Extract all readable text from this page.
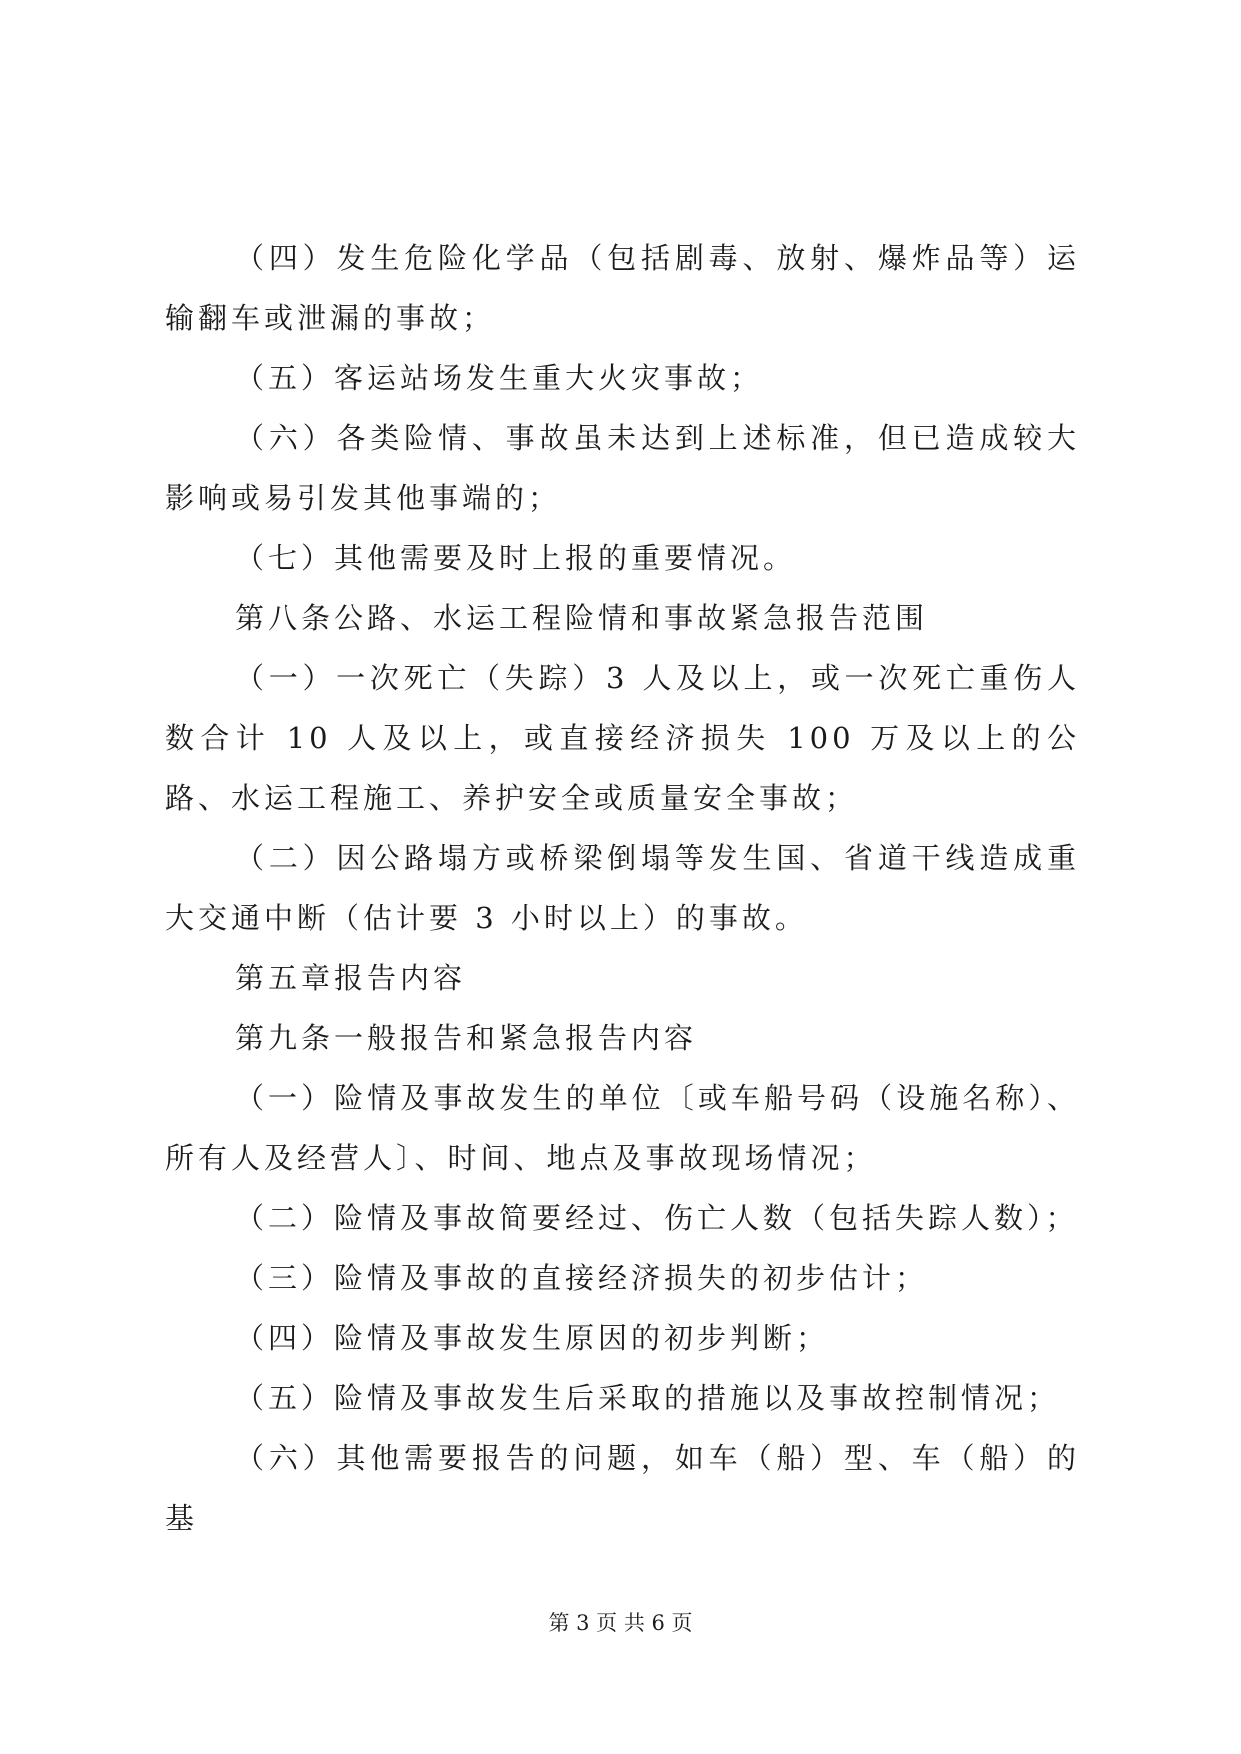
（四）发生危险化学品（包括剧毒、放射、爆炸品等）运输翻车或泄漏的事故；

（五）客运站场发生重大火灾事故；

（六）各类险情、事故虽未达到上述标准，但已造成较大影响或易引发其他事端的；

（七）其他需要及时上报的重要情况。

第八条公路、水运工程险情和事故紧急报告范围

（一）一次死亡（失踪）3 人及以上，或一次死亡重伤人数合计 10 人及以上，或直接经济损失 100 万及以上的公路、水运工程施工、养护安全或质量安全事故；

（二）因公路塌方或桥梁倒塌等发生国、省道干线造成重大交通中断（估计要 3 小时以上）的事故。

第五章报告内容

第九条一般报告和紧急报告内容

（一）险情及事故发生的单位〔或车船号码（设施名称）、所有人及经营人〕、时间、地点及事故现场情况；

（二）险情及事故简要经过、伤亡人数（包括失踪人数）；

（三）险情及事故的直接经济损失的初步估计；

（四）险情及事故发生原因的初步判断；

（五）险情及事故发生后采取的措施以及事故控制情况；

（六）其他需要报告的问题，如车（船）型、车（船）的基

第 3 页 共 6 页
